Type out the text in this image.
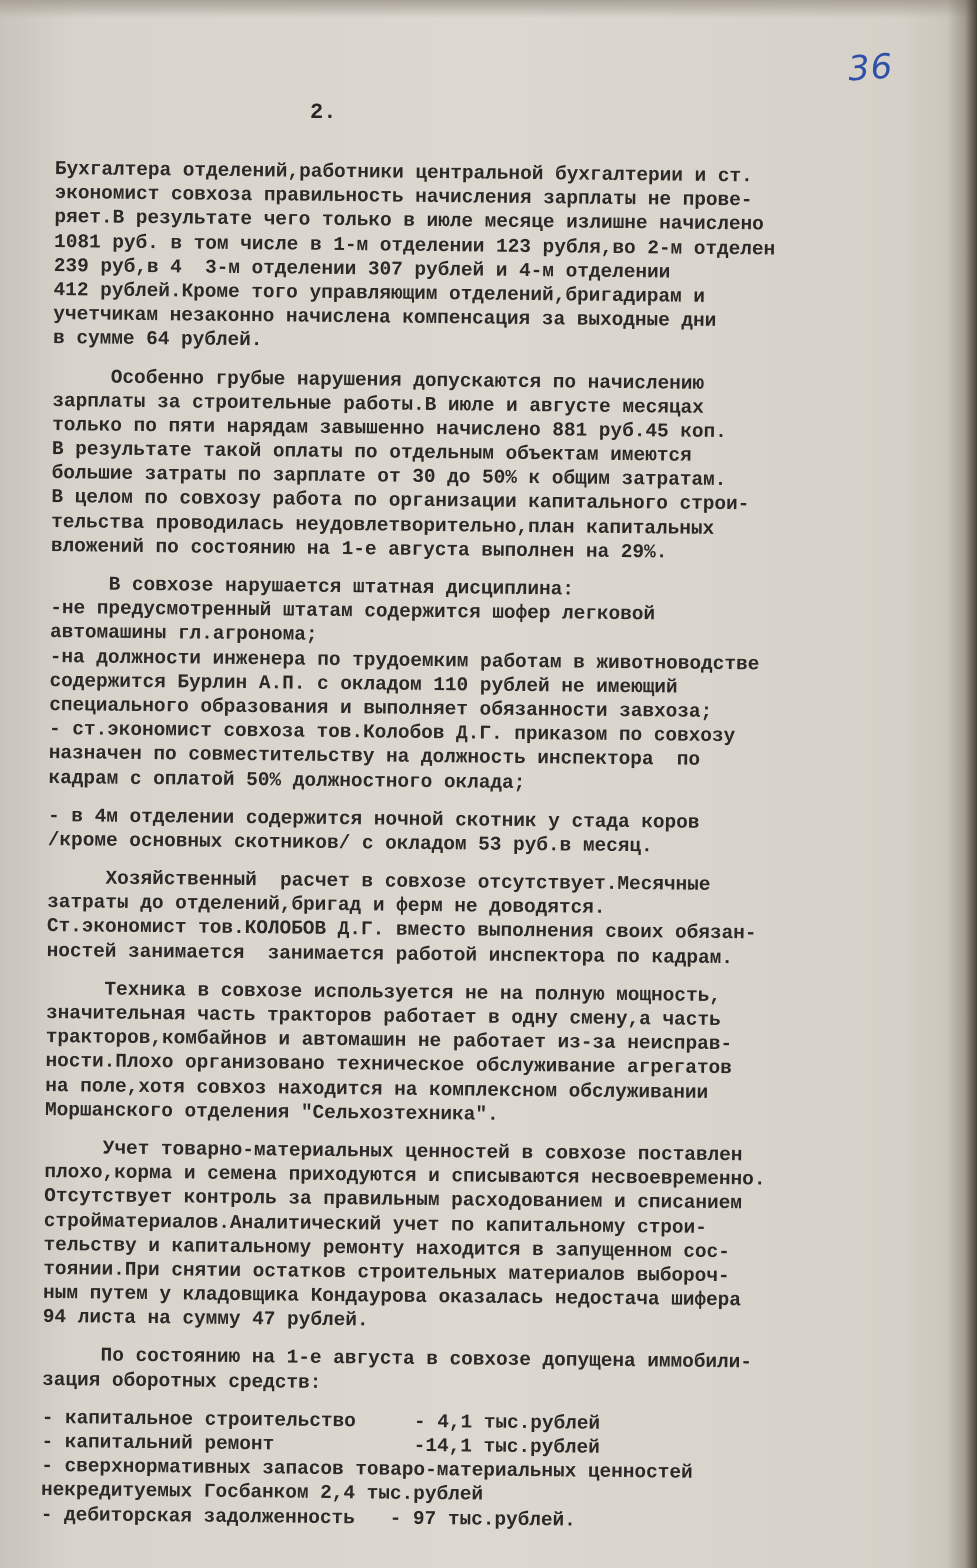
36
2.
Бухгалтера отделений,работники центральной бухгалтерии и ст.
экономист совхоза правильность начисления зарплаты не прове-
ряет.В результате чего только в июле месяце излишне начислено
1081 руб. в том числе в 1-м отделении 123 рубля,во 2-м отделен
239 руб,в 4  3-м отделении 307 рублей и 4-м отделении
412 рублей.Кроме того управляющим отделений,бригадирам и
учетчикам незаконно начислена компенсация за выходные дни
в сумме 64 рублей.
Особенно грубые нарушения допускаются по начислению
зарплаты за строительные работы.В июле и августе месяцах
только по пяти нарядам завышенно начислено 881 руб.45 коп.
В результате такой оплаты по отдельным объектам имеются
большие затраты по зарплате от 30 до 50% к общим затратам.
В целом по совхозу работа по организации капитального строи-
тельства проводилась неудовлетворительно,план капитальных
вложений по состоянию на 1-е августа выполнен на 29%.
В совхозе нарушается штатная дисциплина:
-не предусмотренный штатам содержится шофер легковой
автомашины гл.агронома;
-на должности инженера по трудоемким работам в животноводстве
содержится Бурлин А.П. с окладом 110 рублей не имеющий
специального образования и выполняет обязанности завхоза;
- ст.экономист совхоза тов.Колобов Д.Г. приказом по совхозу
назначен по совместительству на должность инспектора  по
кадрам с оплатой 50% должностного оклада;
- в 4м отделении содержится ночной скотник у стада коров
/кроме основных скотников/ с окладом 53 руб.в месяц.
Хозяйственный  расчет в совхозе отсутствует.Месячные
затраты до отделений,бригад и ферм не доводятся.
Ст.экономист тов.КОЛОБОВ Д.Г. вместо выполнения своих обязан-
ностей занимается  занимается работой инспектора по кадрам.
Техника в совхозе используется не на полную мощность,
значительная часть тракторов работает в одну смену,а часть
тракторов,комбайнов и автомашин не работает из-за неисправ-
ности.Плохо организовано техническое обслуживание агрегатов
на поле,хотя совхоз находится на комплексном обслуживании
Моршанского отделения "Сельхозтехника".
Учет товарно-материальных ценностей в совхозе поставлен
плохо,корма и семена приходуются и списываются несвоевременно.
Отсутствует контроль за правильным расходованием и списанием
стройматериалов.Аналитический учет по капитальному строи-
тельству и капитальному ремонту находится в запущенном сос-
тоянии.При снятии остатков строительных материалов выбороч-
ным путем у кладовщика Кондаурова оказалась недостача шифера
94 листа на сумму 47 рублей.
По состоянию на 1-е августа в совхозе допущена иммобили-
зация оборотных средств:
- капитальное строительство     - 4,1 тыс.рублей
- капитальний ремонт            -14,1 тыс.рублей
- сверхнормативных запасов товаро-материальных ценностей
некредитуемых Госбанком 2,4 тыс.рублей
- дебиторская задолженность   - 97 тыс.рублей.
